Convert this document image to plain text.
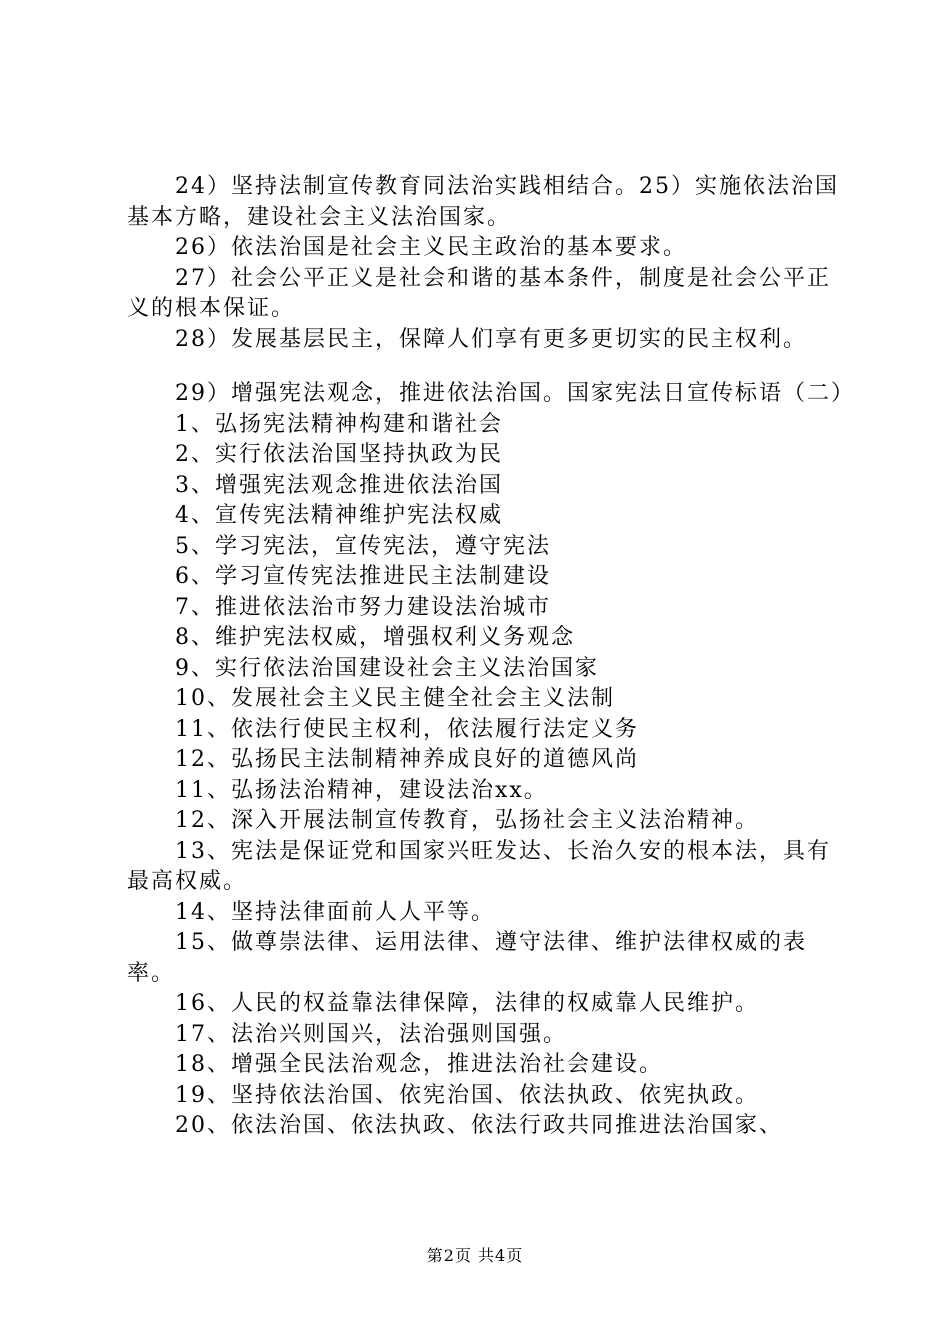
24）坚持法制宣传教育同法治实践相结合。25）实施依法治国基本方略，建设社会主义法治国家。

26）依法治国是社会主义民主政治的基本要求。

27）社会公平正义是社会和谐的基本条件，制度是社会公平正义的根本保证。

28）发展基层民主，保障人们享有更多更切实的民主权利。

29）增强宪法观念，推进依法治国。国家宪法日宣传标语（二）

1、弘扬宪法精神构建和谐社会

2、实行依法治国坚持执政为民

3、增强宪法观念推进依法治国

4、宣传宪法精神维护宪法权威

5、学习宪法，宣传宪法，遵守宪法

6、学习宣传宪法推进民主法制建设

7、推进依法治市努力建设法治城市

8、维护宪法权威，增强权利义务观念

9、实行依法治国建设社会主义法治国家

10、发展社会主义民主健全社会主义法制

11、依法行使民主权利，依法履行法定义务

12、弘扬民主法制精神养成良好的道德风尚

11、弘扬法治精神，建设法治xx。

12、深入开展法制宣传教育，弘扬社会主义法治精神。

13、宪法是保证党和国家兴旺发达、长治久安的根本法，具有最高权威。

14、坚持法律面前人人平等。

15、做尊崇法律、运用法律、遵守法律、维护法律权威的表率。

16、人民的权益靠法律保障，法律的权威靠人民维护。

17、法治兴则国兴，法治强则国强。

18、增强全民法治观念，推进法治社会建设。

19、坚持依法治国、依宪治国、依法执政、依宪执政。

20、依法治国、依法执政、依法行政共同推进法治国家、

第2页 共4页
